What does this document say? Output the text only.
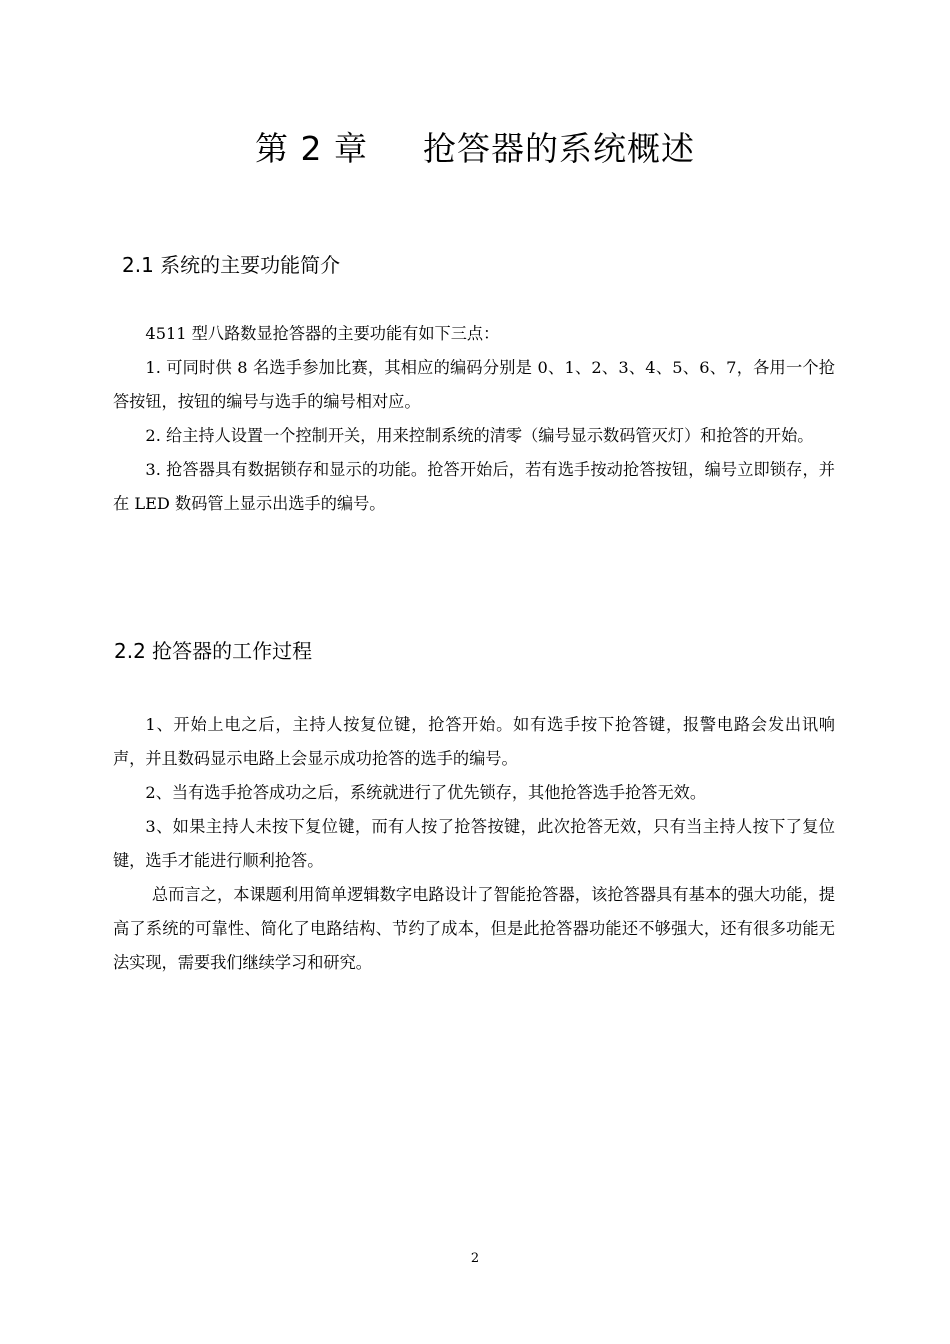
第 2 章 抢答器的系统概述
2.1 系统的主要功能简介

4511 型八路数显抢答器的主要功能有如下三点：

1. 可同时供 8 名选手参加比赛，其相应的编码分别是 0、1、2、3、4、5、6、7，各用一个抢答按钮，按钮的编号与选手的编号相对应。

2. 给主持人设置一个控制开关，用来控制系统的清零（编号显示数码管灭灯）和抢答的开始。

3. 抢答器具有数据锁存和显示的功能。抢答开始后，若有选手按动抢答按钮，编号立即锁存，并在 LED 数码管上显示出选手的编号。

2.2 抢答器的工作过程

1、开始上电之后，主持人按复位键，抢答开始。如有选手按下抢答键，报警电路会发出讯响声，并且数码显示电路上会显示成功抢答的选手的编号。

2、当有选手抢答成功之后，系统就进行了优先锁存，其他抢答选手抢答无效。

3、如果主持人未按下复位键，而有人按了抢答按键，此次抢答无效，只有当主持人按下了复位键，选手才能进行顺利抢答。

总而言之，本课题利用简单逻辑数字电路设计了智能抢答器，该抢答器具有基本的强大功能，提高了系统的可靠性、简化了电路结构、节约了成本，但是此抢答器功能还不够强大，还有很多功能无法实现，需要我们继续学习和研究。

2
